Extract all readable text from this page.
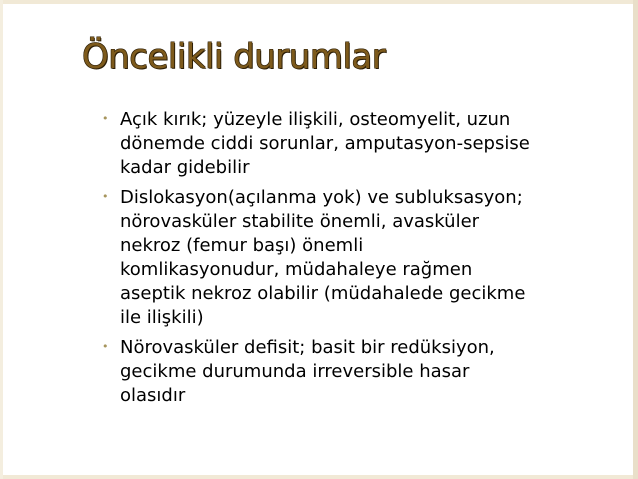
Öncelikli durumlar
• Açık kırık; yüzeyle ilişkili, osteomyelit, uzun
dönemde ciddi sorunlar, amputasyon-sepsise
kadar gidebilir
• Dislokasyon(açılanma yok) ve subluksasyon;
nörovasküler stabilite önemli, avasküler
nekroz (femur başı) önemli
komlikasyonudur, müdahaleye rağmen
aseptik nekroz olabilir (müdahalede gecikme
ile ilişkili)
• Nörovasküler defisit; basit bir redüksiyon,
gecikme durumunda irreversible hasar
olasıdır
